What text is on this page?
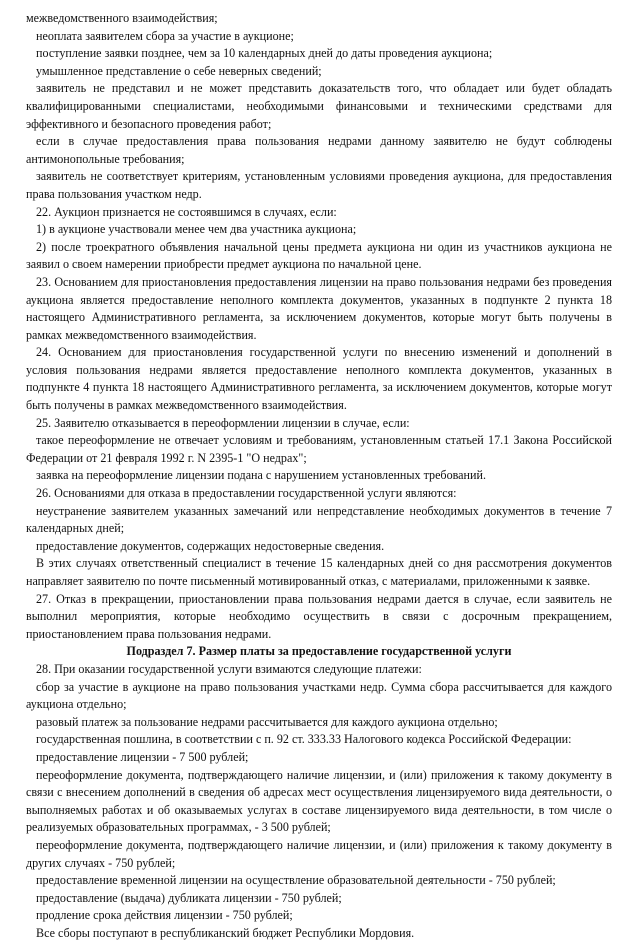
межведомственного взаимодействия;

неоплата заявителем сбора за участие в аукционе;

поступление заявки позднее, чем за 10 календарных дней до даты проведения аукциона;

умышленное представление о себе неверных сведений;

заявитель не представил и не может представить доказательств того, что обладает или будет обладать квалифицированными специалистами, необходимыми финансовыми и техническими средствами для эффективного и безопасного проведения работ;

если в случае предоставления права пользования недрами данному заявителю не будут соблюдены антимонопольные требования;

заявитель не соответствует критериям, установленным условиями проведения аукциона, для предоставления права пользования участком недр.

22. Аукцион признается не состоявшимся в случаях, если:

1) в аукционе участвовали менее чем два участника аукциона;

2) после троекратного объявления начальной цены предмета аукциона ни один из участников аукциона не заявил о своем намерении приобрести предмет аукциона по начальной цене.

23. Основанием для приостановления предоставления лицензии на право пользования недрами без проведения аукциона является предоставление неполного комплекта документов, указанных в подпункте 2 пункта 18 настоящего Административного регламента, за исключением документов, которые могут быть получены в рамках межведомственного взаимодействия.

24. Основанием для приостановления государственной услуги по внесению изменений и дополнений в условия пользования недрами является предоставление неполного комплекта документов, указанных в подпункте 4 пункта 18 настоящего Административного регламента, за исключением документов, которые могут быть получены в рамках межведомственного взаимодействия.

25. Заявителю отказывается в переоформлении лицензии в случае, если:

такое переоформление не отвечает условиям и требованиям, установленным статьей 17.1 Закона Российской Федерации от 21 февраля 1992 г. N 2395-1 "О недрах";

заявка на переоформление лицензии подана с нарушением установленных требований.

26. Основаниями для отказа в предоставлении государственной услуги являются:

неустранение заявителем указанных замечаний или непредставление необходимых документов в течение 7 календарных дней;

предоставление документов, содержащих недостоверные сведения.

В этих случаях ответственный специалист в течение 15 календарных дней со дня рассмотрения документов направляет заявителю по почте письменный мотивированный отказ, с материалами, приложенными к заявке.

27. Отказ в прекращении, приостановлении права пользования недрами дается в случае, если заявитель не выполнил мероприятия, которые необходимо осуществить в связи с досрочным прекращением, приостановлением права пользования недрами.

Подраздел 7. Размер платы за предоставление государственной услуги

28. При оказании государственной услуги взимаются следующие платежи:

сбор за участие в аукционе на право пользования участками недр. Сумма сбора рассчитывается для каждого аукциона отдельно;

разовый платеж за пользование недрами рассчитывается для каждого аукциона отдельно;

государственная пошлина, в соответствии с п. 92 ст. 333.33 Налогового кодекса Российской Федерации:

предоставление лицензии - 7 500 рублей;

переоформление документа, подтверждающего наличие лицензии, и (или) приложения к такому документу в связи с внесением дополнений в сведения об адресах мест осуществления лицензируемого вида деятельности, о выполняемых работах и об оказываемых услугах в составе лицензируемого вида деятельности, в том числе о реализуемых образовательных программах, - 3 500 рублей;

переоформление документа, подтверждающего наличие лицензии, и (или) приложения к такому документу в других случаях - 750 рублей;

предоставление временной лицензии на осуществление образовательной деятельности - 750 рублей;

предоставление (выдача) дубликата лицензии - 750 рублей;

продление срока действия лицензии - 750 рублей;

Все сборы поступают в республиканский бюджет Республики Мордовия.
